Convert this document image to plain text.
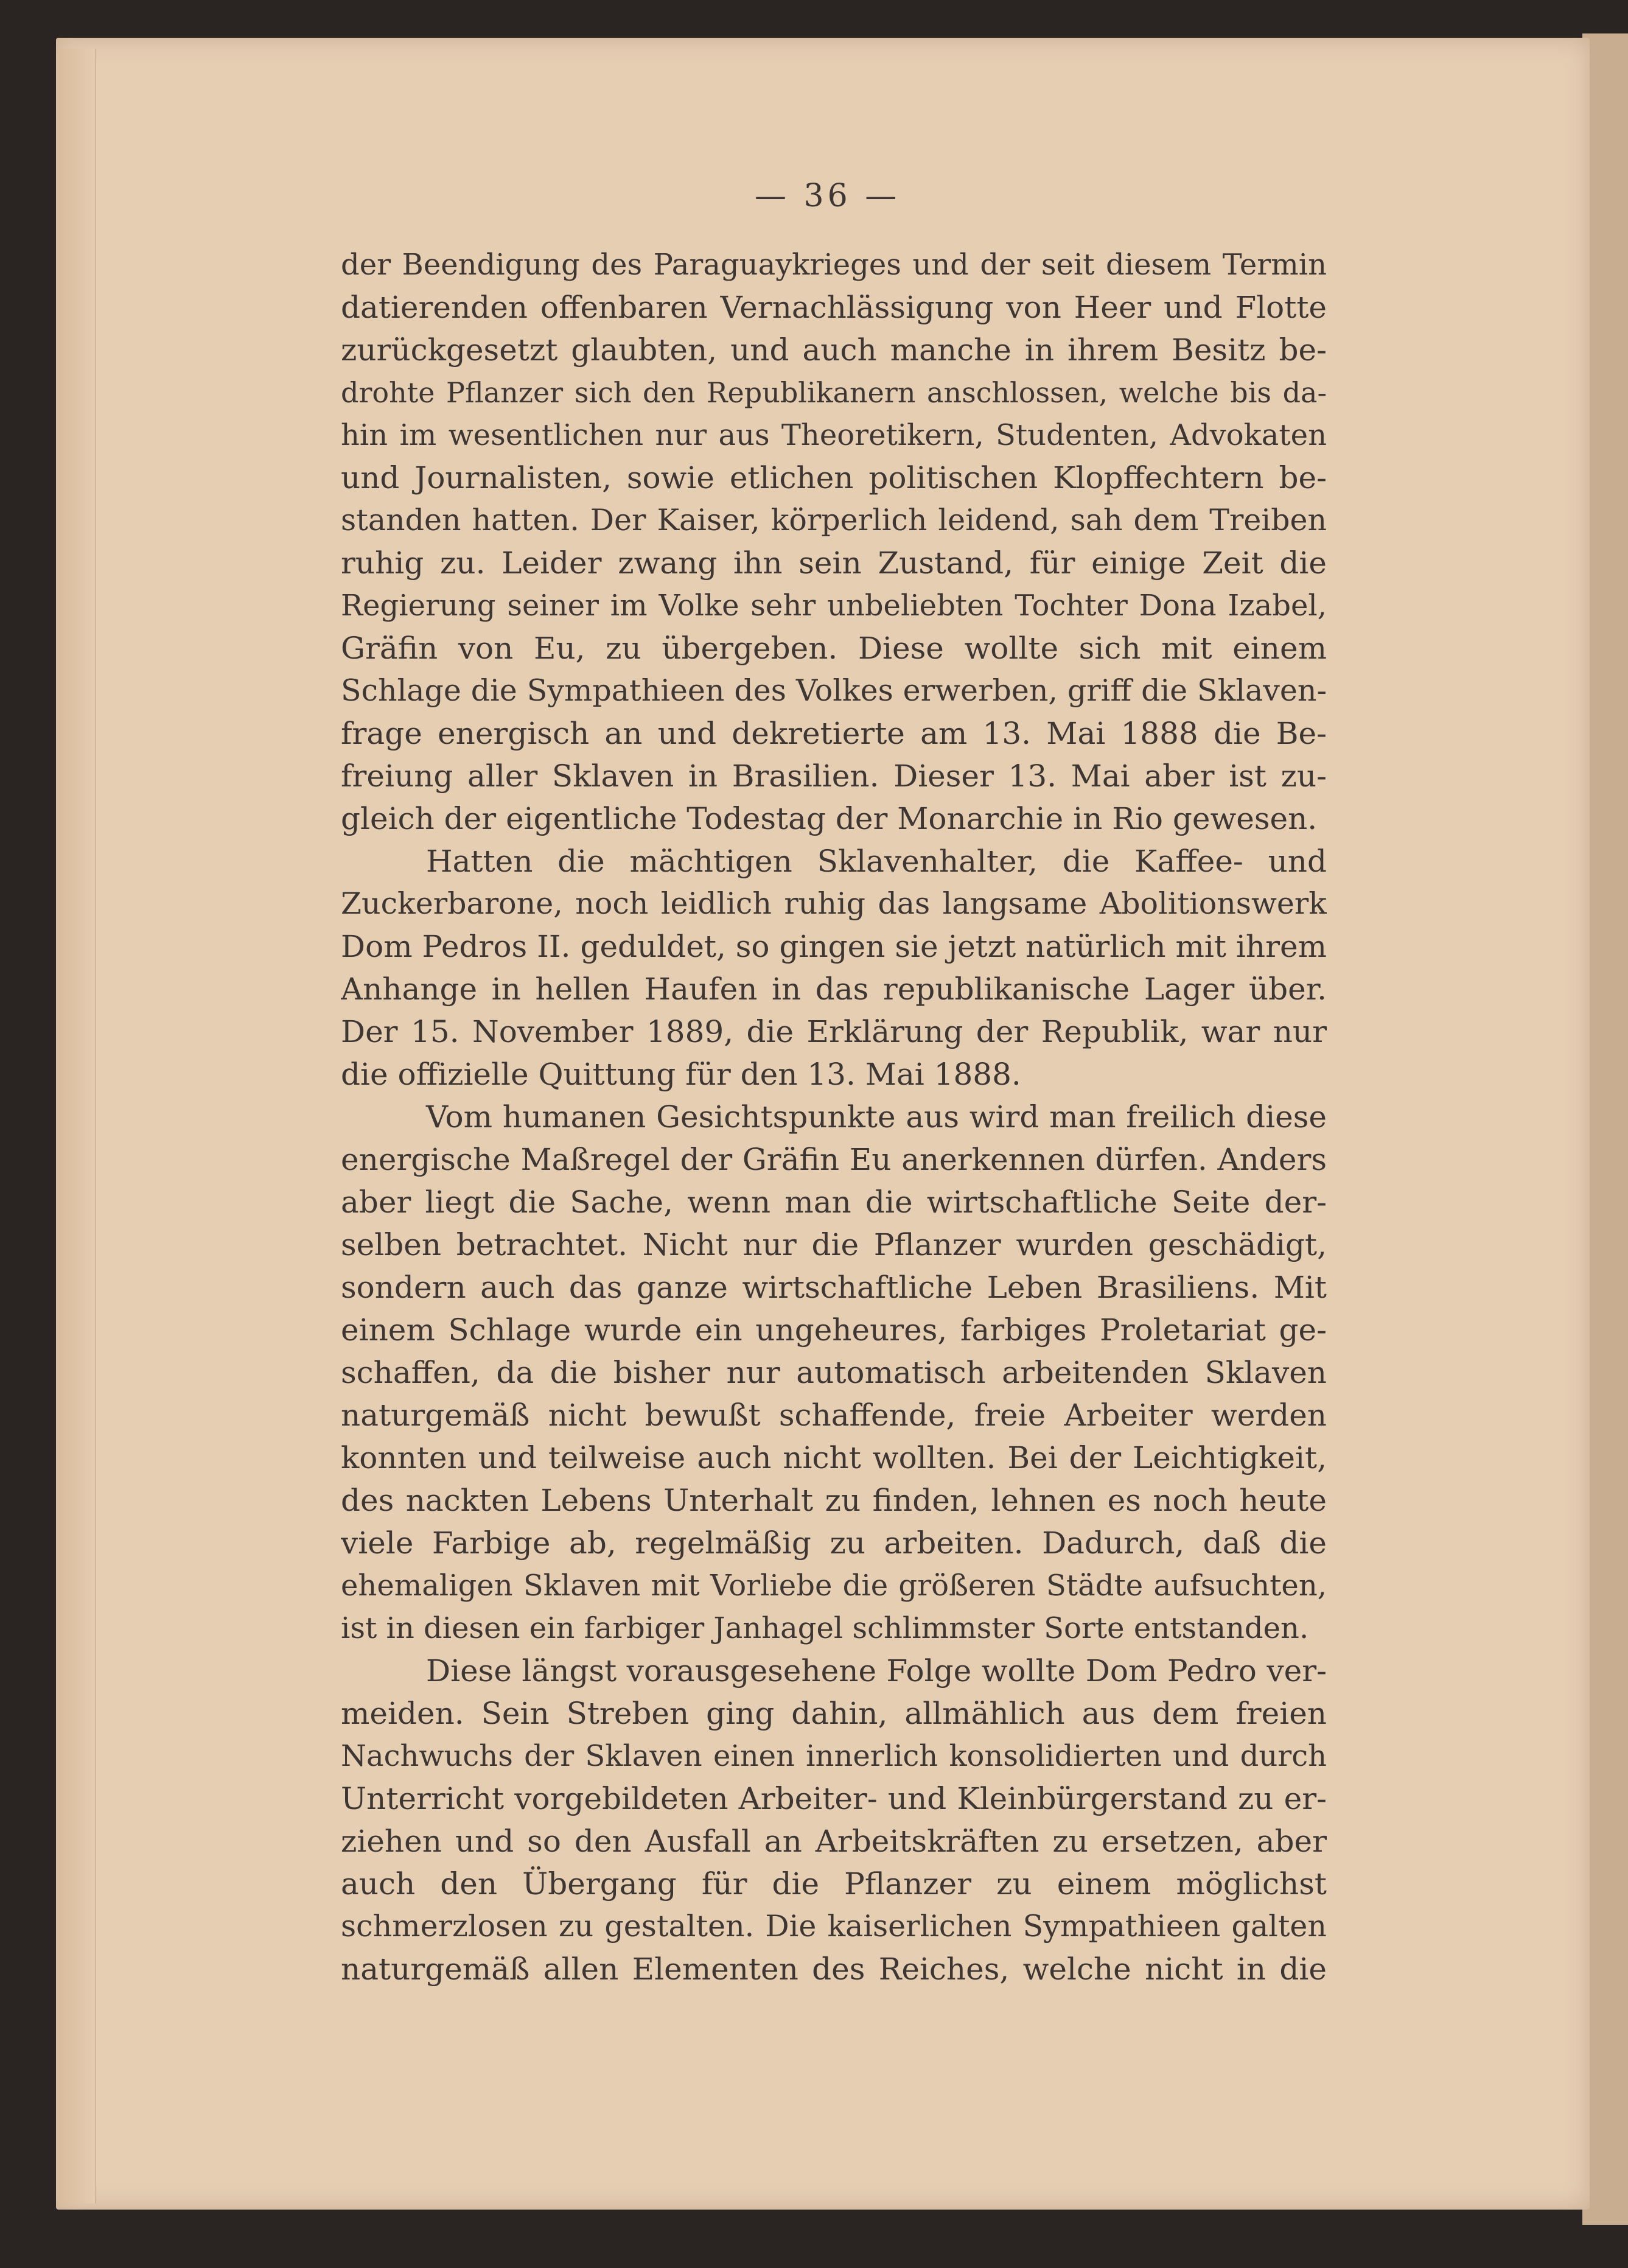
— 36 —
der Beendigung des Paraguaykrieges und der seit diesem Termin
datierenden offenbaren Vernachlässigung von Heer und Flotte
zurückgesetzt glaubten, und auch manche in ihrem Besitz be-
drohte Pflanzer sich den Republikanern anschlossen, welche bis da-
hin im wesentlichen nur aus Theoretikern, Studenten, Advokaten
und Journalisten, sowie etlichen politischen Klopffechtern be-
standen hatten. Der Kaiser, körperlich leidend, sah dem Treiben
ruhig zu. Leider zwang ihn sein Zustand, für einige Zeit die
Regierung seiner im Volke sehr unbeliebten Tochter Dona Izabel,
Gräfin von Eu, zu übergeben. Diese wollte sich mit einem
Schlage die Sympathieen des Volkes erwerben, griff die Sklaven-
frage energisch an und dekretierte am 13. Mai 1888 die Be-
freiung aller Sklaven in Brasilien. Dieser 13. Mai aber ist zu-
gleich der eigentliche Todestag der Monarchie in Rio gewesen.
Hatten die mächtigen Sklavenhalter, die Kaffee- und
Zuckerbarone, noch leidlich ruhig das langsame Abolitionswerk
Dom Pedros II. geduldet, so gingen sie jetzt natürlich mit ihrem
Anhange in hellen Haufen in das republikanische Lager über.
Der 15. November 1889, die Erklärung der Republik, war nur
die offizielle Quittung für den 13. Mai 1888.
Vom humanen Gesichtspunkte aus wird man freilich diese
energische Maßregel der Gräfin Eu anerkennen dürfen. Anders
aber liegt die Sache, wenn man die wirtschaftliche Seite der-
selben betrachtet. Nicht nur die Pflanzer wurden geschädigt,
sondern auch das ganze wirtschaftliche Leben Brasiliens. Mit
einem Schlage wurde ein ungeheures, farbiges Proletariat ge-
schaffen, da die bisher nur automatisch arbeitenden Sklaven
naturgemäß nicht bewußt schaffende, freie Arbeiter werden
konnten und teilweise auch nicht wollten. Bei der Leichtigkeit,
des nackten Lebens Unterhalt zu finden, lehnen es noch heute
viele Farbige ab, regelmäßig zu arbeiten. Dadurch, daß die
ehemaligen Sklaven mit Vorliebe die größeren Städte aufsuchten,
ist in diesen ein farbiger Janhagel schlimmster Sorte entstanden.
Diese längst vorausgesehene Folge wollte Dom Pedro ver-
meiden. Sein Streben ging dahin, allmählich aus dem freien
Nachwuchs der Sklaven einen innerlich konsolidierten und durch
Unterricht vorgebildeten Arbeiter- und Kleinbürgerstand zu er-
ziehen und so den Ausfall an Arbeitskräften zu ersetzen, aber
auch den Übergang für die Pflanzer zu einem möglichst
schmerzlosen zu gestalten. Die kaiserlichen Sympathieen galten
naturgemäß allen Elementen des Reiches, welche nicht in die
